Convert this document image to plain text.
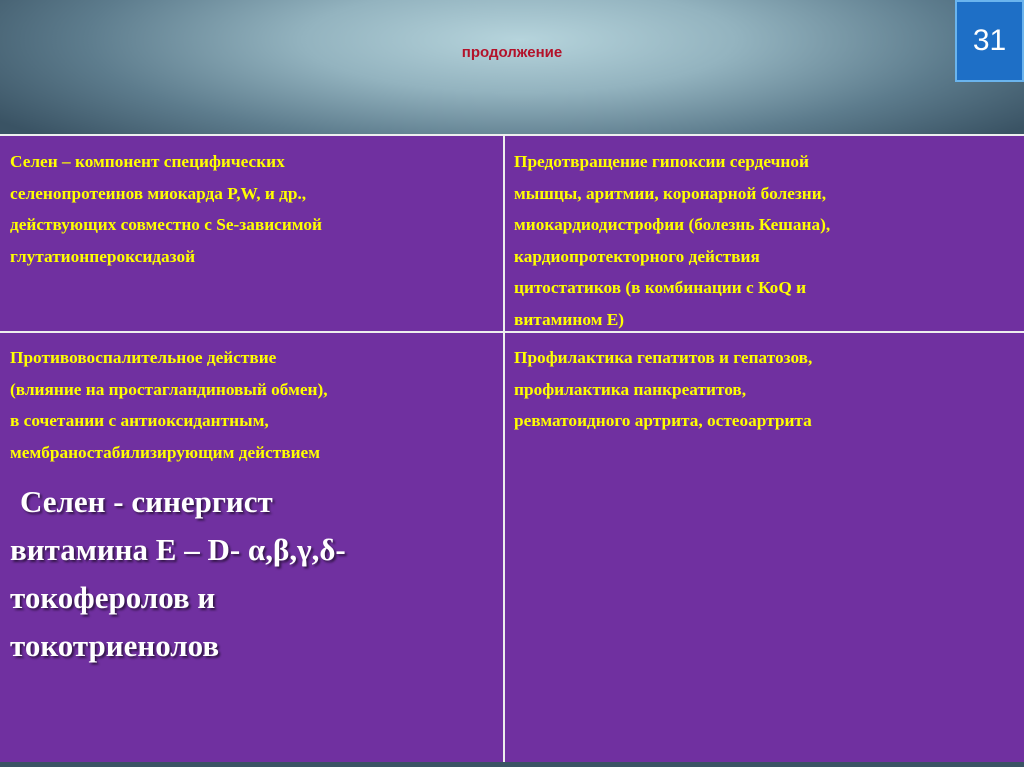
продолжение	31

Селен – компонент специфических
селенопротеинов миокарда P,W, и др.,
действующих совместно с Se-зависимой
глутатионпероксидазой

Предотвращение гипоксии сердечной
мышцы, аритмии, коронарной болезни,
миокардиодистрофии (болезнь Кешана),
кардиопротекторного действия
цитостатиков (в комбинации с КоQ и
витамином Е)

Противовоспалительное действие
(влияние на простагландиновый обмен),
в сочетании с антиоксидантным,
мембраностабилизирующим действием

Селен - синергист
витамина Е – D- α,β,γ,δ-
токоферолов и
токотриенолов

Профилактика гепатитов и гепатозов,
профилактика панкреатитов,
ревматоидного артрита, остеоартрита
